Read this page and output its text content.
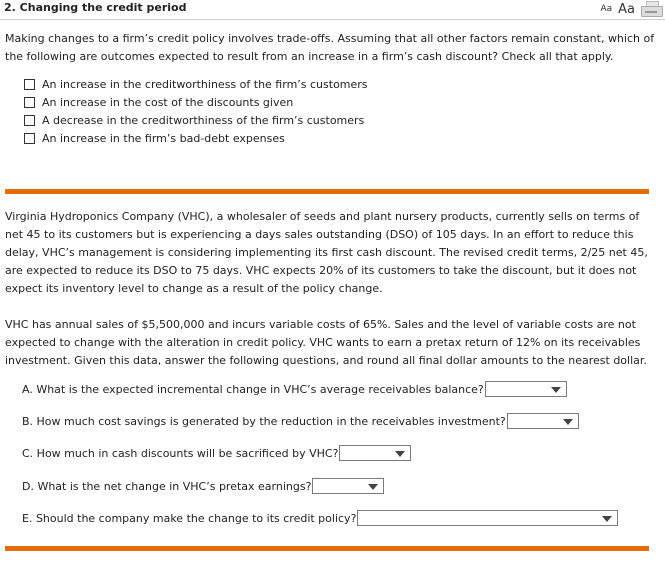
2. Changing the credit period	Aa Aa
Making changes to a firm’s credit policy involves trade-offs. Assuming that all other factors remain constant, which of the following are outcomes expected to result from an increase in a firm’s cash discount? Check all that apply.
An increase in the creditworthiness of the firm’s customers
An increase in the cost of the discounts given
A decrease in the creditworthiness of the firm’s customers
An increase in the firm’s bad-debt expenses
Virginia Hydroponics Company (VHC), a wholesaler of seeds and plant nursery products, currently sells on terms of net 45 to its customers but is experiencing a days sales outstanding (DSO) of 105 days. In an effort to reduce this delay, VHC’s management is considering implementing its first cash discount. The revised credit terms, 2/25 net 45, are expected to reduce its DSO to 75 days. VHC expects 20% of its customers to take the discount, but it does not expect its inventory level to change as a result of the policy change.
VHC has annual sales of $5,500,000 and incurs variable costs of 65%. Sales and the level of variable costs are not expected to change with the alteration in credit policy. VHC wants to earn a pretax return of 12% on its receivables investment. Given this data, answer the following questions, and round all final dollar amounts to the nearest dollar.
A. What is the expected incremental change in VHC’s average receivables balance?
B. How much cost savings is generated by the reduction in the receivables investment?
C. How much in cash discounts will be sacrificed by VHC?
D. What is the net change in VHC’s pretax earnings?
E. Should the company make the change to its credit policy?
